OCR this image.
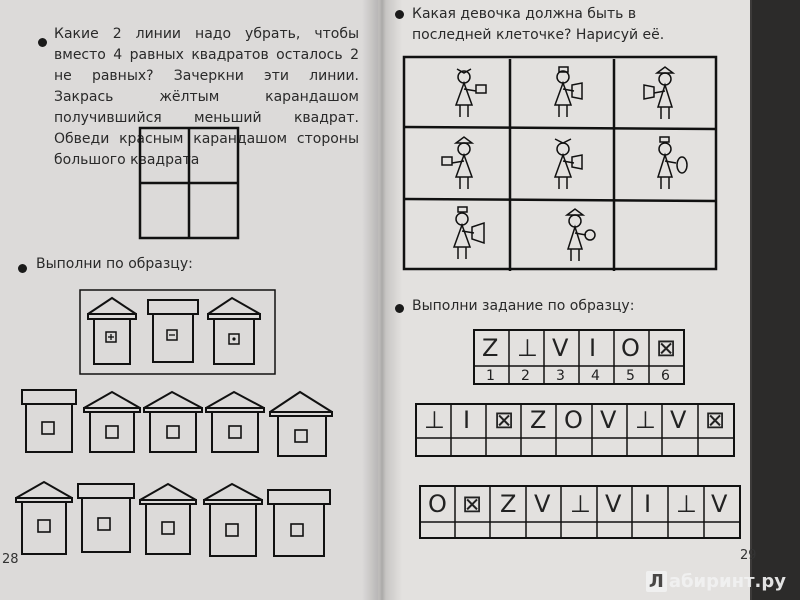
Какие 2 линии надо убрать, чтобы вместо 4 равных квадратов осталось 2 не равных? Зачеркни эти линии. Закрась жёлтым карандашом получившийся меньший квадрат. Обведи красным карандашом стороны большого квадрата
Выполни по образцу:
28
Какая девочка должна быть в последней клеточке? Нарисуй её.
Выполни задание по образцу:
Z ⊥ V I O ⊠
1 2 3 4 5 6
⊥ I ⊠ Z O V ⊥ V ⊠
O ⊠ Z V ⊥ V I ⊥ V
29
Л абиринт.ру
